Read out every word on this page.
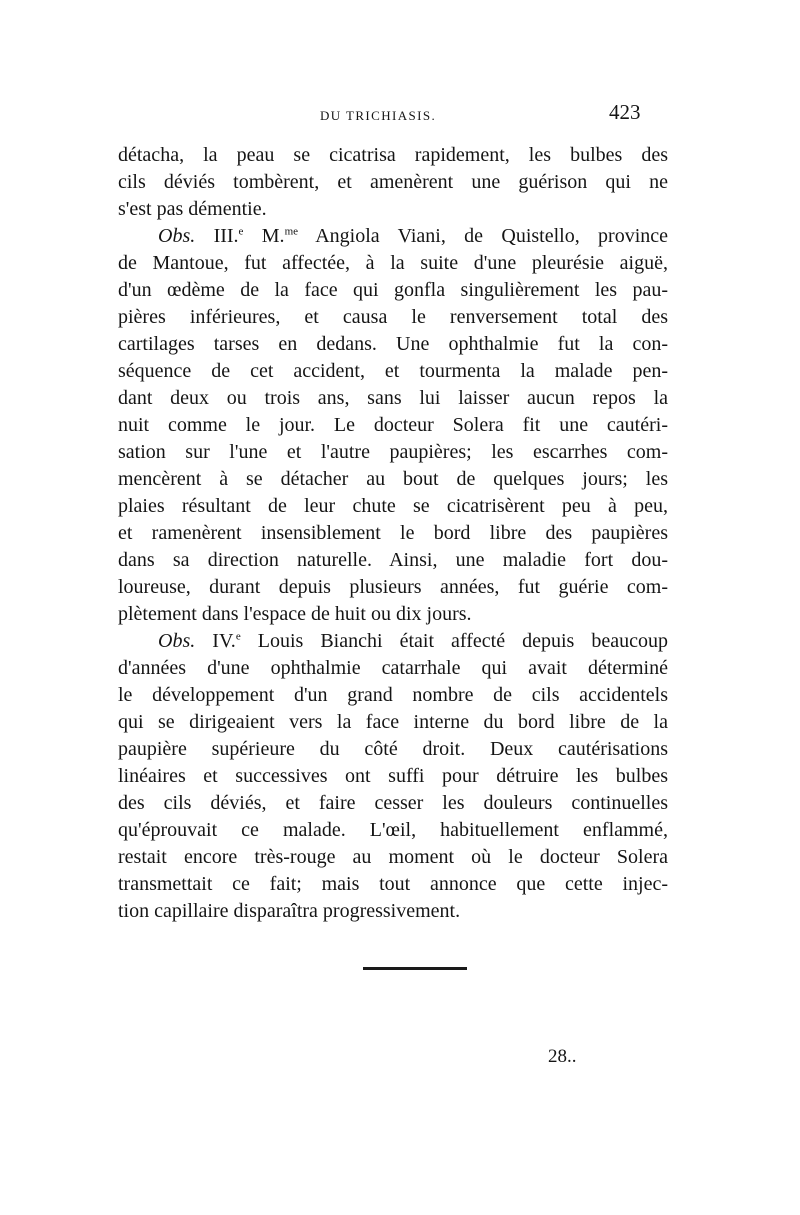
DU TRICHIASIS.	423
détacha, la peau se cicatrisa rapidement, les bulbes des
cils déviés tombèrent, et amenèrent une guérison qui ne
s'est pas démentie.
Obs. III.$^e$ M.$^{me}$ Angiola Viani, de Quistello, province
de Mantoue, fut affectée, à la suite d'une pleurésie aiguë,
d'un œdème de la face qui gonfla singulièrement les pau-
pières inférieures, et causa le renversement total des
cartilages tarses en dedans. Une ophthalmie fut la con-
séquence de cet accident, et tourmenta la malade pen-
dant deux ou trois ans, sans lui laisser aucun repos la
nuit comme le jour. Le docteur Solera fit une cautéri-
sation sur l'une et l'autre paupières; les escarrhes com-
mencèrent à se détacher au bout de quelques jours; les
plaies résultant de leur chute se cicatrisèrent peu à peu,
et ramenèrent insensiblement le bord libre des paupières
dans sa direction naturelle. Ainsi, une maladie fort dou-
loureuse, durant depuis plusieurs années, fut guérie com-
plètement dans l'espace de huit ou dix jours.
Obs. IV.$^e$ Louis Bianchi était affecté depuis beaucoup
d'années d'une ophthalmie catarrhale qui avait déterminé
le développement d'un grand nombre de cils accidentels
qui se dirigeaient vers la face interne du bord libre de la
paupière supérieure du côté droit. Deux cautérisations
linéaires et successives ont suffi pour détruire les bulbes
des cils déviés, et faire cesser les douleurs continuelles
qu'éprouvait ce malade. L'œil, habituellement enflammé,
restait encore très-rouge au moment où le docteur Solera
transmettait ce fait; mais tout annonce que cette injec-
tion capillaire disparaîtra progressivement.
28..
